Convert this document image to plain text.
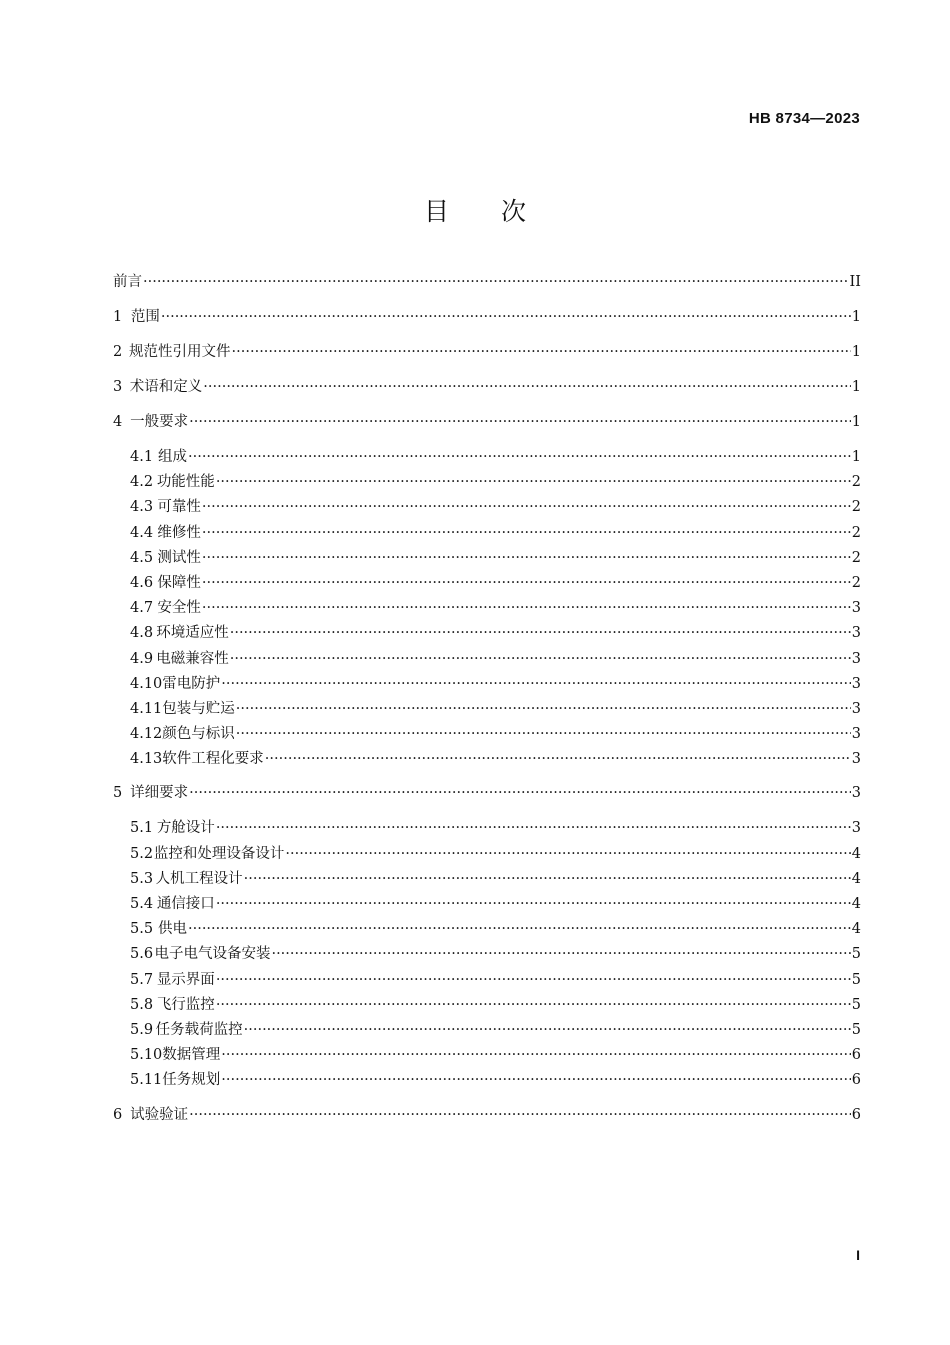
HB 8734—2023
目次
前言 ·····	II
1 范围 ·····	1
2 规范性引用文件 ·····	1
3 术语和定义 ·····	1
4 一般要求 ·····	1
4.1 组成 ·····	1
4.2 功能性能 ·····	2
4.3 可靠性 ·····	2
4.4 维修性 ·····	2
4.5 测试性 ·····	2
4.6 保障性 ·····	2
4.7 安全性 ·····	3
4.8 环境适应性 ·····	3
4.9 电磁兼容性 ·····	3
4.10 雷电防护 ·····	3
4.11 包装与贮运 ·····	3
4.12 颜色与标识 ·····	3
4.13 软件工程化要求 ·····	3
5 详细要求 ·····	3
5.1 方舱设计 ·····	3
5.2 监控和处理设备设计 ·····	4
5.3 人机工程设计 ·····	4
5.4 通信接口 ·····	4
5.5 供电 ·····	4
5.6 电子电气设备安装 ·····	5
5.7 显示界面 ·····	5
5.8 飞行监控 ·····	5
5.9 任务载荷监控 ·····	5
5.10 数据管理 ·····	6
5.11 任务规划 ·····	6
6 试验验证 ·····	6
I
